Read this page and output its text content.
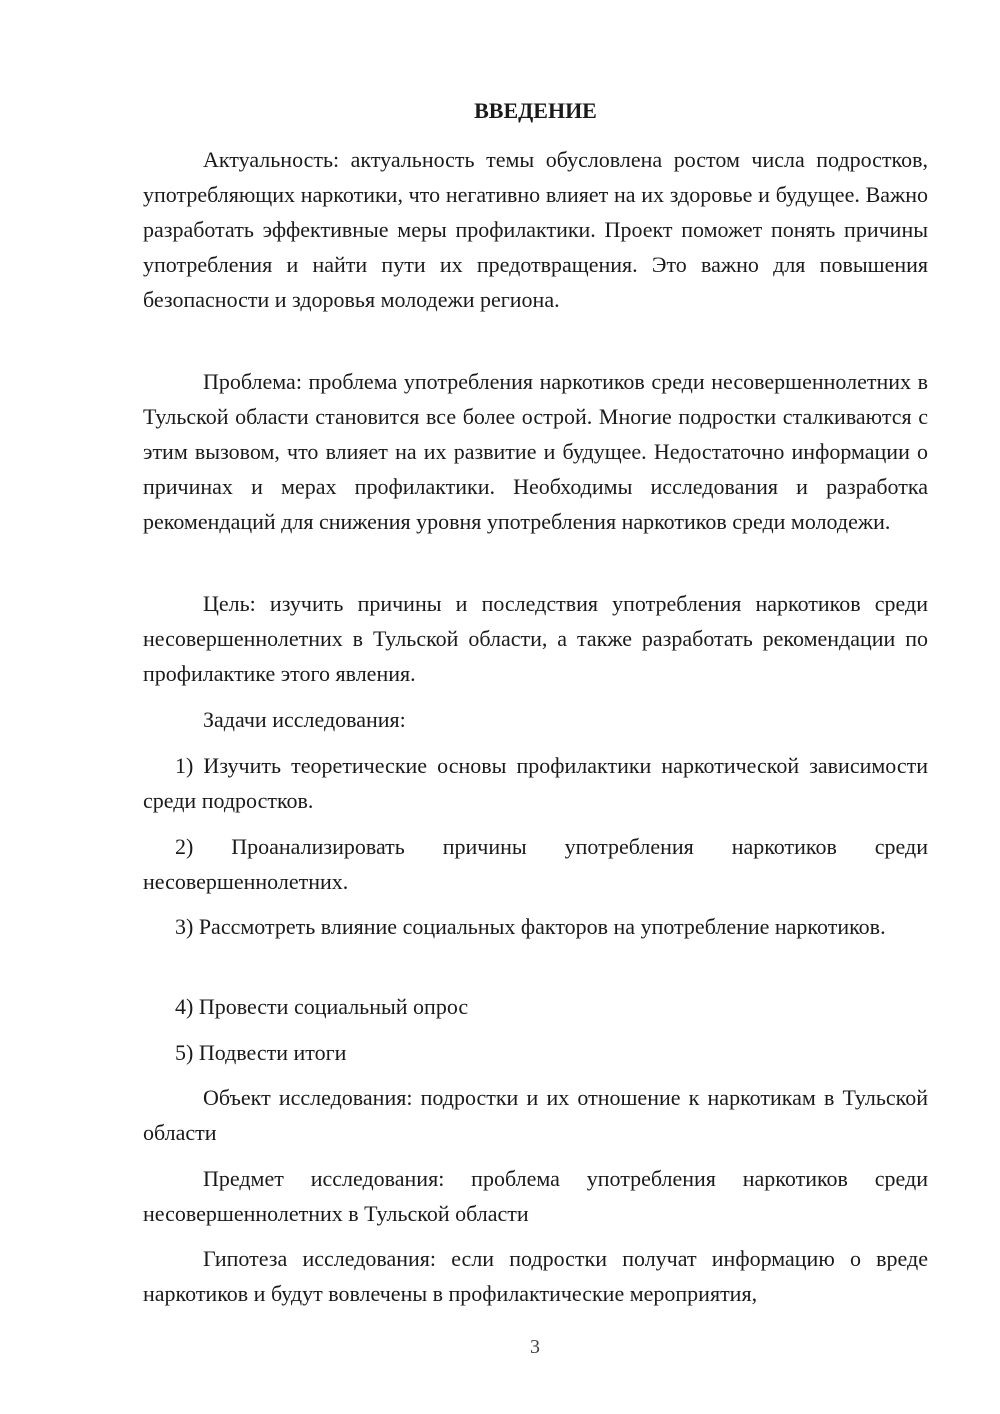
ВВЕДЕНИЕ

Актуальность: актуальность темы обусловлена ростом числа подростков, употребляющих наркотики, что негативно влияет на их здоровье и будущее. Важно разработать эффективные меры профилактики. Проект поможет понять причины употребления и найти пути их предотвращения. Это важно для повышения безопасности и здоровья молодежи региона.

Проблема: проблема употребления наркотиков среди несовершеннолетних в Тульской области становится все более острой. Многие подростки сталкиваются с этим вызовом, что влияет на их развитие и будущее. Недостаточно информации о причинах и мерах профилактики. Необходимы исследования и разработка рекомендаций для снижения уровня употребления наркотиков среди молодежи.

Цель: изучить причины и последствия употребления наркотиков среди несовершеннолетних в Тульской области, а также разработать рекомендации по профилактике этого явления.

Задачи исследования:

1) Изучить теоретические основы профилактики наркотической зависимости среди подростков.

2) Проанализировать причины употребления наркотиков среди несовершеннолетних.

3) Рассмотреть влияние социальных факторов на употребление наркотиков.

4) Провести социальный опрос

5) Подвести итоги

Объект исследования: подростки и их отношение к наркотикам в Тульской области

Предмет исследования: проблема употребления наркотиков среди несовершеннолетних в Тульской области

Гипотеза исследования: если подростки получат информацию о вреде наркотиков и будут вовлечены в профилактические мероприятия,

3
